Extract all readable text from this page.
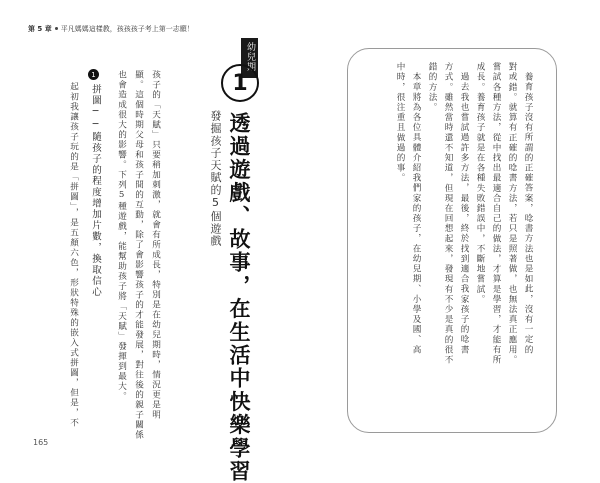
第 5 章 平凡媽媽這樣教，孩孩孩子考上第一志願！
幼兒期
1
發掘孩子天賦的5個遊戲 透過遊戲、故事，在生活中快樂學習
孩子的「天賦」只要稍加刺激，就會有所成長，特別是在幼兒期時，情況更是明
顯。這個時期父母和孩子間的互動，除了會影響孩子的才能發展，對往後的親子關係
也會造成很大的影響。下列5種遊戲，能幫助孩子將「天賦」發揮到最大。
1
拼圖──隨孩子的程度增加片數，換取信心
起初我讓孩子玩的是「拼圖」，是五顏六色，形狀特殊的嵌入式拼圖，但是，不
165
養育孩子沒有所謂的正確答案，唸書方法也是如此，沒有一定的
對或錯。就算有正確的唸書方法，若只是照著做，也無法真正應用。
嘗試各種方法，從中找出最適合自己的做法，才算是學習，才能有所
成長。養育孩子就是在各種失敗錯誤中，不斷地嘗試。
過去我也嘗試過許多方法，最後，終於找到適合我家孩子的唸書
方式。雖然當時還不知道，但現在回想起來，發現有不少是真的很不
錯的方法。
本章將為各位具體介紹我們家的孩子，在幼兒期、小學及國、高
中時，很注重且做過的事。
